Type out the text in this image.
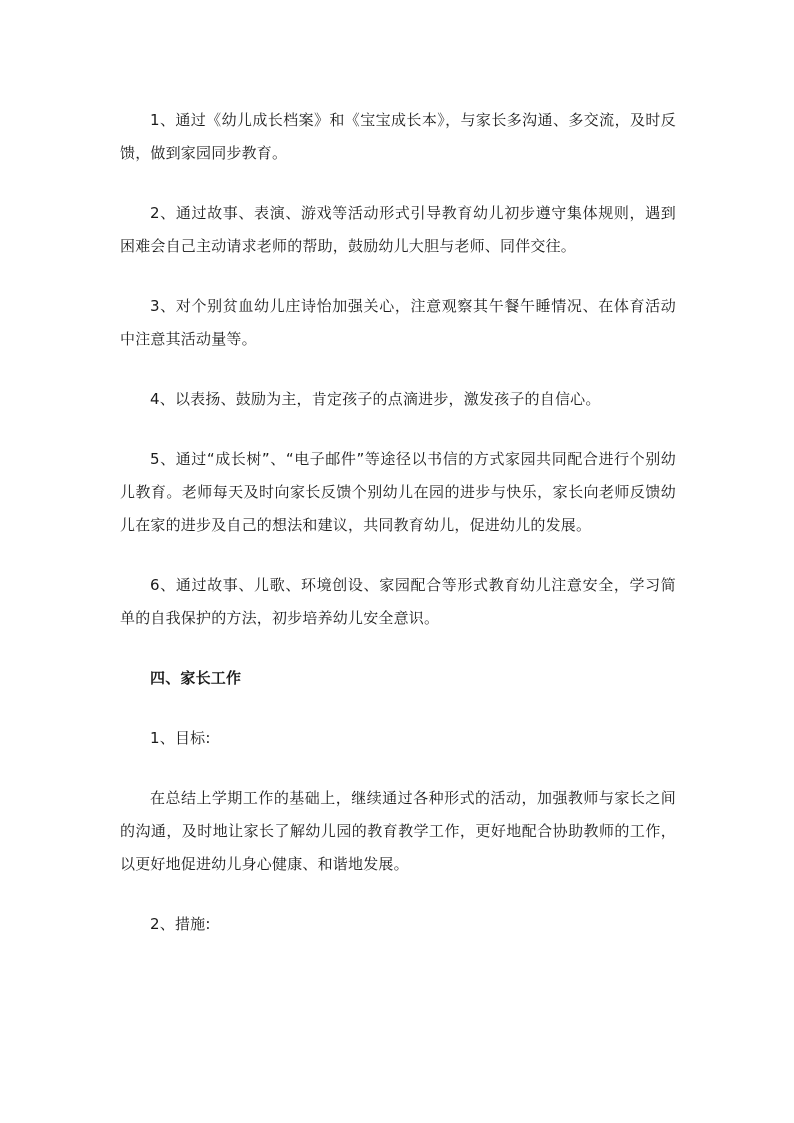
1、通过《幼儿成长档案》和《宝宝成长本》，与家长多沟通、多交流，及时反馈，做到家园同步教育。

2、通过故事、表演、游戏等活动形式引导教育幼儿初步遵守集体规则，遇到困难会自己主动请求老师的帮助，鼓励幼儿大胆与老师、同伴交往。

3、对个别贫血幼儿庄诗怡加强关心，注意观察其午餐午睡情况、在体育活动中注意其活动量等。

4、以表扬、鼓励为主，肯定孩子的点滴进步，激发孩子的自信心。

5、通过“成长树”、“电子邮件”等途径以书信的方式家园共同配合进行个别幼儿教育。老师每天及时向家长反馈个别幼儿在园的进步与快乐，家长向老师反馈幼儿在家的进步及自己的想法和建议，共同教育幼儿，促进幼儿的发展。

6、通过故事、儿歌、环境创设、家园配合等形式教育幼儿注意安全，学习简单的自我保护的方法，初步培养幼儿安全意识。

四、家长工作

1、目标:

在总结上学期工作的基础上，继续通过各种形式的活动，加强教师与家长之间的沟通，及时地让家长了解幼儿园的教育教学工作，更好地配合协助教师的工作，以更好地促进幼儿身心健康、和谐地发展。

2、措施:
